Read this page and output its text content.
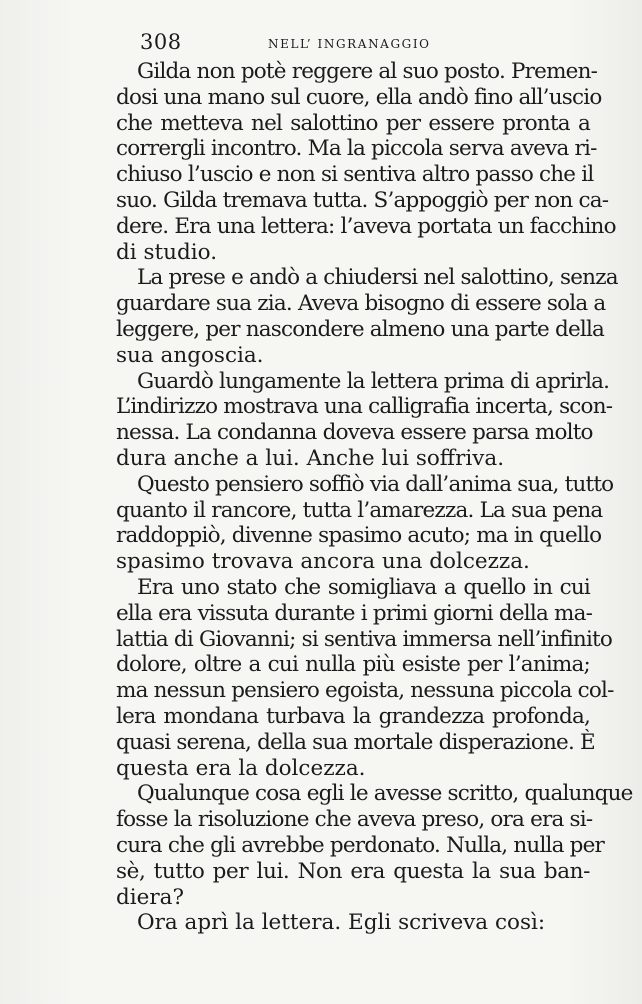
308	NELL’ INGRANAGGIO
Gilda non potè reggere al suo posto. Premen-
dosi una mano sul cuore, ella andò fino all’uscio
che metteva nel salottino per essere pronta a
corrergli incontro. Ma la piccola serva aveva ri-
chiuso l’uscio e non si sentiva altro passo che il
suo. Gilda tremava tutta. S’appoggiò per non ca-
dere. Era una lettera: l’aveva portata un facchino
di studio.
La prese e andò a chiudersi nel salottino, senza
guardare sua zia. Aveva bisogno di essere sola a
leggere, per nascondere almeno una parte della
sua angoscia.
Guardò lungamente la lettera prima di aprirla.
L’indirizzo mostrava una calligrafia incerta, scon-
nessa. La condanna doveva essere parsa molto
dura anche a lui. Anche lui soffriva.
Questo pensiero soffiò via dall’anima sua, tutto
quanto il rancore, tutta l’amarezza. La sua pena
raddoppiò, divenne spasimo acuto; ma in quello
spasimo trovava ancora una dolcezza.
Era uno stato che somigliava a quello in cui
ella era vissuta durante i primi giorni della ma-
lattia di Giovanni; si sentiva immersa nell’infinito
dolore, oltre a cui nulla più esiste per l’anima;
ma nessun pensiero egoista, nessuna piccola col-
lera mondana turbava la grandezza profonda,
quasi serena, della sua mortale disperazione. È
questa era la dolcezza.
Qualunque cosa egli le avesse scritto, qualunque
fosse la risoluzione che aveva preso, ora era si-
cura che gli avrebbe perdonato. Nulla, nulla per
sè, tutto per lui. Non era questa la sua ban-
diera?
Ora aprì la lettera. Egli scriveva così:
